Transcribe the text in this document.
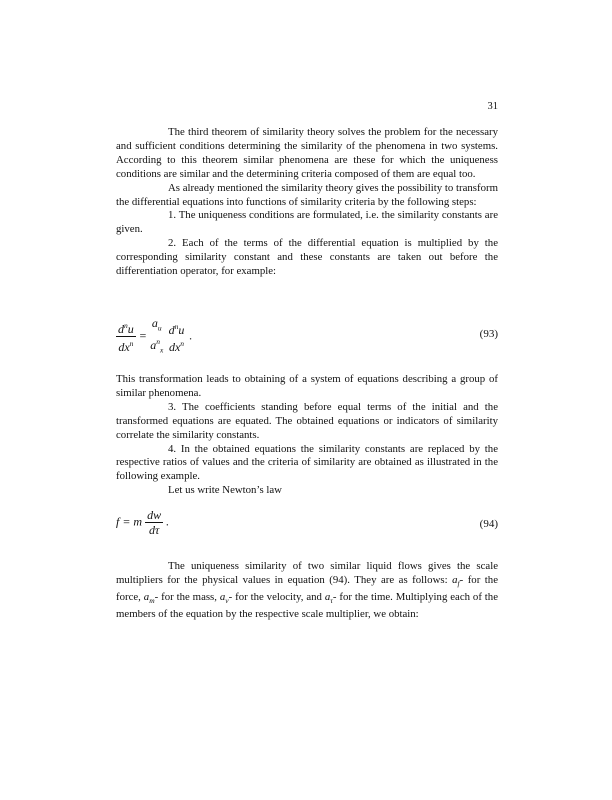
31

The third theorem of similarity theory solves the problem for the necessary and sufficient conditions determining the similarity of the phenomena in two systems. According to this theorem similar phenomena are these for which the uniqueness conditions are similar and the determining criteria composed of them are equal too.

As already mentioned the similarity theory gives the possibility to transform the differential equations into functions of similarity criteria by the following steps:

1. The uniqueness conditions are formulated, i.e. the similarity constants are given.

2. Each of the terms of the differential equation is multiplied by the corresponding similarity constant and these constants are taken out before the differentiation operator, for example:

$\frac{d^nu}{dx^n}$ =
$a_u$
$a^n_x$

$d^nu$
$dx^n$
.	(93)

This transformation leads to obtaining of a system of equations describing a group of similar phenomena.

3. The coefficients standing before equal terms of the initial and the transformed equations are equated. The obtained equations or indicators of similarity correlate the similarity constants.

4. In the obtained equations the similarity constants are replaced by the respective ratios of values and the criteria of similarity are obtained as illustrated in the following example.

Let us write Newton’s law

f = m $\frac{dw}{d\tau}$ .	(94)

The uniqueness similarity of two similar liquid flows gives the scale multipliers for the physical values in equation (94). They are as follows: $a_f-$ for the force, $a_m-$ for the mass, $a_v-$ for the velocity, and $a_\tau-$ for the time. Multiplying each of the members of the equation by the respective scale multiplier, we obtain:
